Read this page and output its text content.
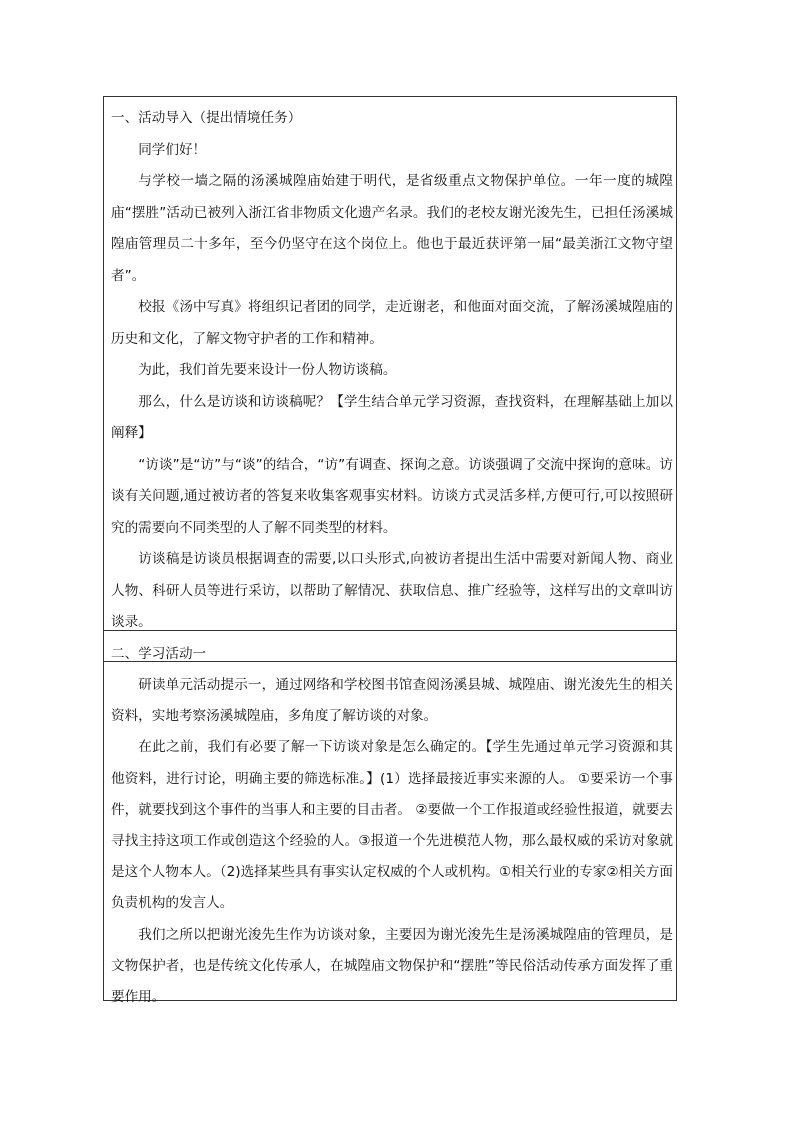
一、活动导入（提出情境任务）

同学们好！

与学校一墙之隔的汤溪城隍庙始建于明代，是省级重点文物保护单位。一年一度的城隍庙“摆胜”活动已被列入浙江省非物质文化遗产名录。我们的老校友谢光浚先生，已担任汤溪城隍庙管理员二十多年，至今仍坚守在这个岗位上。他也于最近获评第一届“最美浙江文物守望者”。

校报《汤中写真》将组织记者团的同学，走近谢老，和他面对面交流，了解汤溪城隍庙的历史和文化，了解文物守护者的工作和精神。

为此，我们首先要来设计一份人物访谈稿。

那么，什么是访谈和访谈稿呢？【学生结合单元学习资源，查找资料，在理解基础上加以阐释】

“访谈”是“访”与“谈”的结合，“访”有调查、探询之意。访谈强调了交流中探询的意味。访谈有关问题,通过被访者的答复来收集客观事实材料。访谈方式灵活多样,方便可行,可以按照研究的需要向不同类型的人了解不同类型的材料。

访谈稿是访谈员根据调查的需要,以口头形式,向被访者提出生活中需要对新闻人物、商业人物、科研人员等进行采访，以帮助了解情况、获取信息、推广经验等，这样写出的文章叫访谈录。

二、学习活动一

研读单元活动提示一，通过网络和学校图书馆查阅汤溪县城、城隍庙、谢光浚先生的相关资料，实地考察汤溪城隍庙，多角度了解访谈的对象。

在此之前，我们有必要了解一下访谈对象是怎么确定的。【学生先通过单元学习资源和其他资料，进行讨论，明确主要的筛选标准。】(1）选择最接近事实来源的人。 ①要采访一个事件，就要找到这个事件的当事人和主要的目击者。 ②要做一个工作报道或经验性报道，就要去寻找主持这项工作或创造这个经验的人。③报道一个先进模范人物，那么最权威的采访对象就是这个人物本人。（2)选择某些具有事实认定权威的个人或机构。①相关行业的专家②相关方面负责机构的发言人。

我们之所以把谢光浚先生作为访谈对象，主要因为谢光浚先生是汤溪城隍庙的管理员，是文物保护者，也是传统文化传承人，在城隍庙文物保护和“摆胜”等民俗活动传承方面发挥了重要作用。
